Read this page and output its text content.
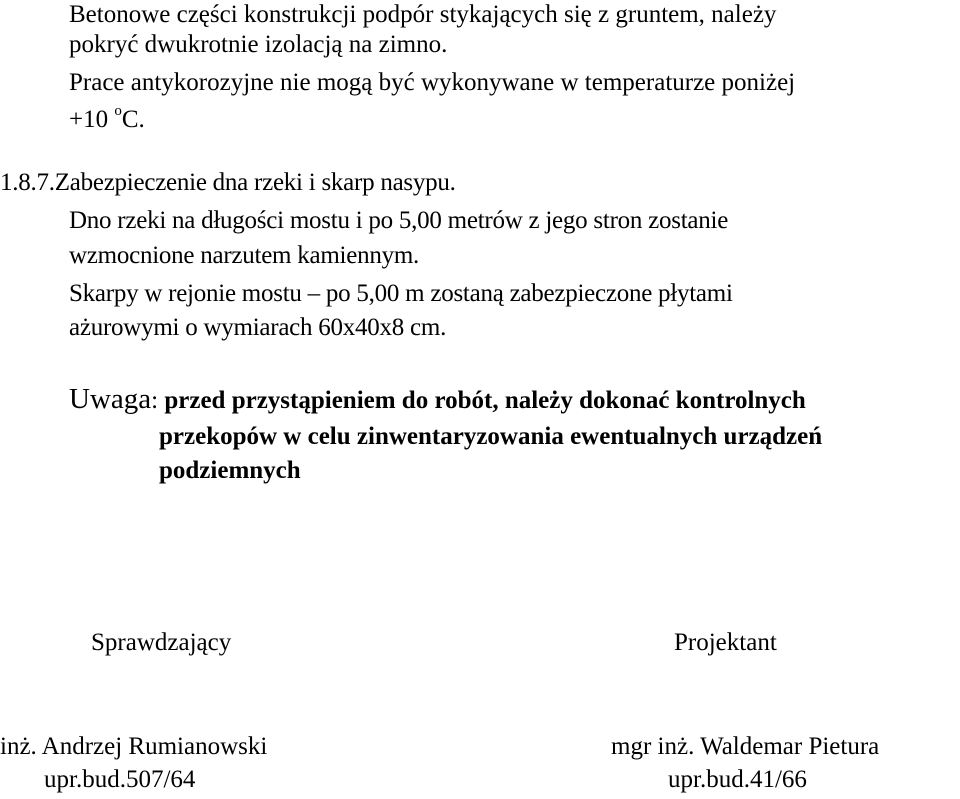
Betonowe części konstrukcji podpór stykających się z gruntem, należy
pokryć dwukrotnie izolacją na zimno.
Prace antykorozyjne nie mogą być wykonywane w temperaturze poniżej
+10 $^o$C.
1.8.7.Zabezpieczenie dna rzeki i skarp nasypu.
Dno rzeki na długości mostu i po 5,00 metrów z jego stron zostanie
wzmocnione narzutem kamiennym.
Skarpy w rejonie mostu – po 5,00 m zostaną zabezpieczone płytami
ażurowymi o wymiarach 60x40x8 cm.
Uwaga: przed przystąpieniem do robót, należy dokonać kontrolnych
przekopów w celu zinwentaryzowania ewentualnych urządzeń
podziemnych
Sprawdzający	Projektant
inż. Andrzej Rumianowski
upr.bud.507/64
mgr inż. Waldemar Pietura
upr.bud.41/66
